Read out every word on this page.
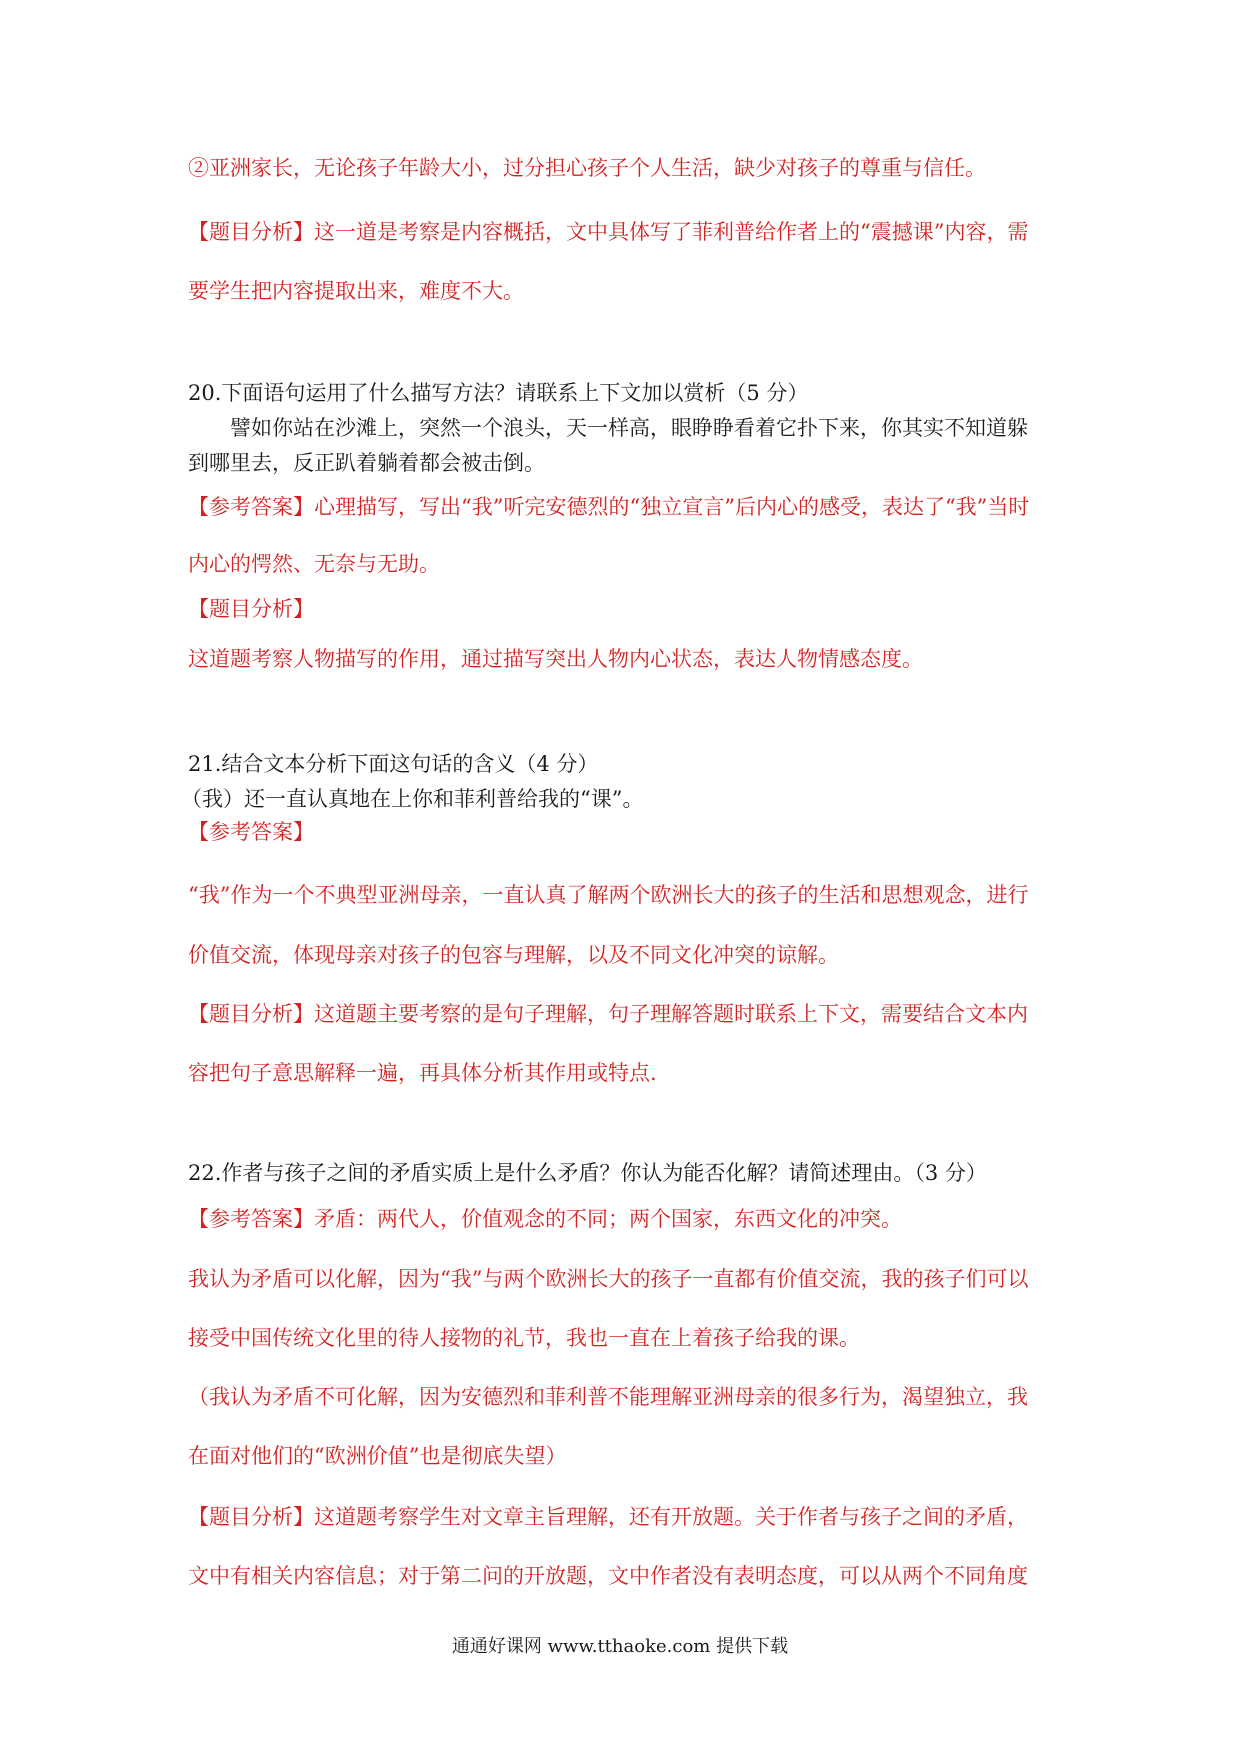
②亚洲家长，无论孩子年龄大小，过分担心孩子个人生活，缺少对孩子的尊重与信任。

【题目分析】这一道是考察是内容概括，文中具体写了菲利普给作者上的“震撼课”内容，需

要学生把内容提取出来，难度不大。

20.下面语句运用了什么描写方法？请联系上下文加以赏析（5 分）

譬如你站在沙滩上，突然一个浪头，天一样高，眼睁睁看着它扑下来，你其实不知道躲

到哪里去，反正趴着躺着都会被击倒。

【参考答案】心理描写，写出“我”听完安德烈的“独立宣言”后内心的感受，表达了“我”当时

内心的愕然、无奈与无助。

【题目分析】

这道题考察人物描写的作用，通过描写突出人物内心状态，表达人物情感态度。

21.结合文本分析下面这句话的含义（4 分）

（我）还一直认真地在上你和菲利普给我的“课”。

【参考答案】

“我”作为一个不典型亚洲母亲，一直认真了解两个欧洲长大的孩子的生活和思想观念，进行

价值交流，体现母亲对孩子的包容与理解，以及不同文化冲突的谅解。

【题目分析】这道题主要考察的是句子理解，句子理解答题时联系上下文，需要结合文本内

容把句子意思解释一遍，再具体分析其作用或特点.

22.作者与孩子之间的矛盾实质上是什么矛盾？你认为能否化解？请简述理由。（3 分）

【参考答案】矛盾：两代人，价值观念的不同；两个国家，东西文化的冲突。

我认为矛盾可以化解，因为“我”与两个欧洲长大的孩子一直都有价值交流，我的孩子们可以

接受中国传统文化里的待人接物的礼节，我也一直在上着孩子给我的课。

（我认为矛盾不可化解，因为安德烈和菲利普不能理解亚洲母亲的很多行为，渴望独立，我

在面对他们的“欧洲价值”也是彻底失望）

【题目分析】这道题考察学生对文章主旨理解，还有开放题。关于作者与孩子之间的矛盾，

文中有相关内容信息；对于第二问的开放题，文中作者没有表明态度，可以从两个不同角度

通通好课网 www.tthaoke.com 提供下载
